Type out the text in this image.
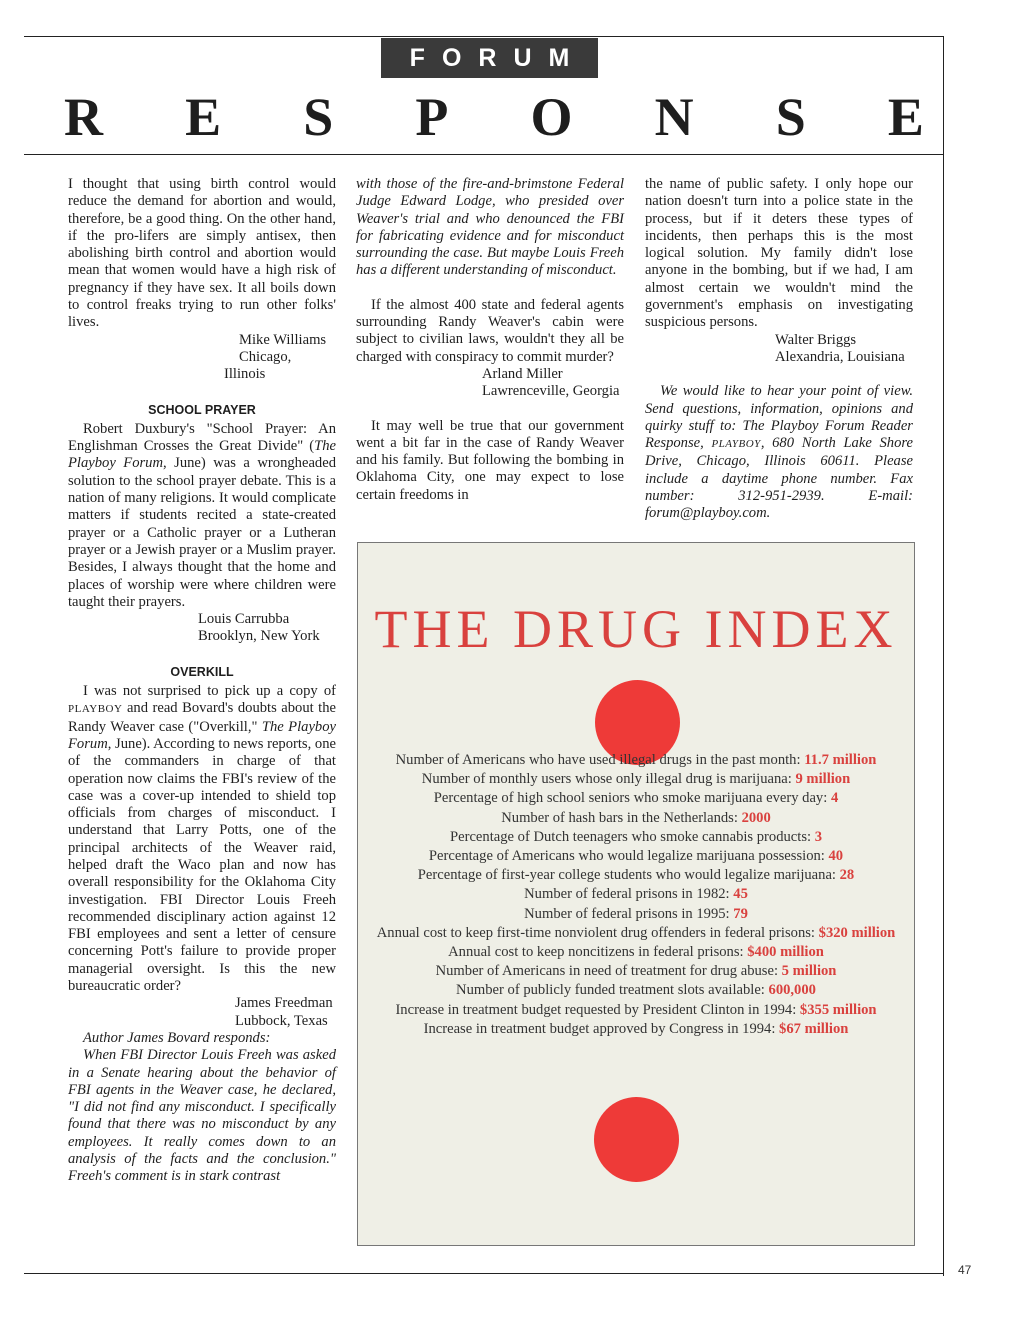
FORUM
R E S P O N S E

I thought that using birth control would reduce the demand for abortion and would, therefore, be a good thing. On the other hand, if the pro-lifers are simply antisex, then abolishing birth control and abortion would mean that women would have a high risk of pregnancy if they have sex. It all boils down to control freaks trying to run other folks' lives.

Mike Williams

Chicago, Illinois

SCHOOL PRAYER

Robert Duxbury's "School Prayer: An Englishman Crosses the Great Divide" (The Playboy Forum, June) was a wrongheaded solution to the school prayer debate. This is a nation of many religions. It would complicate matters if students recited a state-created prayer or a Catholic prayer or a Lutheran prayer or a Jewish prayer or a Muslim prayer. Besides, I always thought that the home and places of worship were where children were taught their prayers.

Louis Carrubba

Brooklyn, New York

OVERKILL

I was not surprised to pick up a copy of PLAYBOY and read Bovard's doubts about the Randy Weaver case ("Overkill," The Playboy Forum, June). According to news reports, one of the commanders in charge of that operation now claims the FBI's review of the case was a cover-up intended to shield top officials from charges of misconduct. I understand that Larry Potts, one of the principal architects of the Weaver raid, helped draft the Waco plan and now has overall responsibility for the Oklahoma City investigation. FBI Director Louis Freeh recommended disciplinary action against 12 FBI employees and sent a letter of censure concerning Pott's failure to provide proper managerial oversight. Is this the new bureaucratic order?

James Freedman

Lubbock, Texas

Author James Bovard responds:

When FBI Director Louis Freeh was asked in a Senate hearing about the behavior of FBI agents in the Weaver case, he declared, "I did not find any misconduct. I specifically found that there was no misconduct by any employees. It really comes down to an analysis of the facts and the conclusion." Freeh's comment is in stark contrast

with those of the fire-and-brimstone Federal Judge Edward Lodge, who presided over Weaver's trial and who denounced the FBI for fabricating evidence and for misconduct surrounding the case. But maybe Louis Freeh has a different understanding of misconduct.

If the almost 400 state and federal agents surrounding Randy Weaver's cabin were subject to civilian laws, wouldn't they all be charged with conspiracy to commit murder?

Arland Miller

Lawrenceville, Georgia

It may well be true that our government went a bit far in the case of Randy Weaver and his family. But following the bombing in Oklahoma City, one may expect to lose certain freedoms in

the name of public safety. I only hope our nation doesn't turn into a police state in the process, but if it deters these types of incidents, then perhaps this is the most logical solution. My family didn't lose anyone in the bombing, but if we had, I am almost certain we wouldn't mind the government's emphasis on investigating suspicious persons.

Walter Briggs

Alexandria, Louisiana

We would like to hear your point of view. Send questions, information, opinions and quirky stuff to: The Playboy Forum Reader Response, PLAYBOY, 680 North Lake Shore Drive, Chicago, Illinois 60611. Please include a daytime phone number. Fax number: 312-951-2939. E-mail: forum@playboy.com.

THE DRUG INDEX
Number of Americans who have used illegal drugs in the past month: 11.7 million
Number of monthly users whose only illegal drug is marijuana: 9 million
Percentage of high school seniors who smoke marijuana every day: 4
Number of hash bars in the Netherlands: 2000
Percentage of Dutch teenagers who smoke cannabis products: 3
Percentage of Americans who would legalize marijuana possession: 40
Percentage of first-year college students who would legalize marijuana: 28
Number of federal prisons in 1982: 45
Number of federal prisons in 1995: 79
Annual cost to keep first-time nonviolent drug offenders in federal prisons: $320 million
Annual cost to keep noncitizens in federal prisons: $400 million
Number of Americans in need of treatment for drug abuse: 5 million
Number of publicly funded treatment slots available: 600,000
Increase in treatment budget requested by President Clinton in 1994: $355 million
Increase in treatment budget approved by Congress in 1994: $67 million
47
